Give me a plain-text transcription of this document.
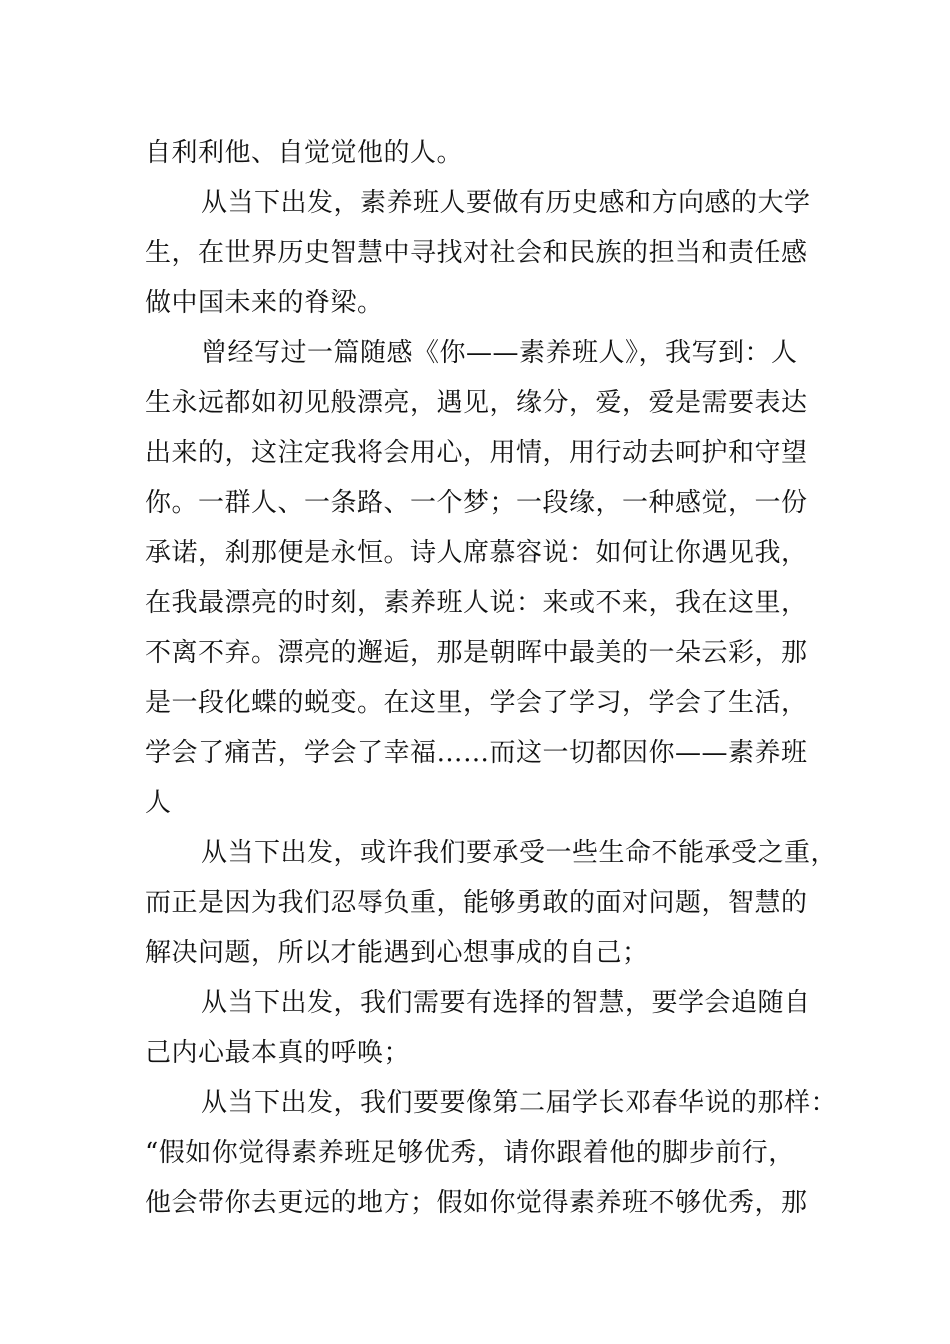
自利利他、自觉觉他的人。
从当下出发，素养班人要做有历史感和方向感的大学
生，在世界历史智慧中寻找对社会和民族的担当和责任感
做中国未来的脊梁。
曾经写过一篇随感《你——素养班人》，我写到：人
生永远都如初见般漂亮，遇见，缘分，爱，爱是需要表达
出来的，这注定我将会用心，用情，用行动去呵护和守望
你。一群人、一条路、一个梦；一段缘，一种感觉，一份
承诺，刹那便是永恒。诗人席慕容说：如何让你遇见我，
在我最漂亮的时刻，素养班人说：来或不来，我在这里，
不离不弃。漂亮的邂逅，那是朝晖中最美的一朵云彩，那
是一段化蝶的蜕变。在这里，学会了学习，学会了生活，
学会了痛苦，学会了幸福……而这一切都因你——素养班
人
从当下出发，或许我们要承受一些生命不能承受之重，
而正是因为我们忍辱负重，能够勇敢的面对问题，智慧的
解决问题，所以才能遇到心想事成的自己；
从当下出发，我们需要有选择的智慧，要学会追随自
己内心最本真的呼唤；
从当下出发，我们要要像第二届学长邓春华说的那样：
“假如你觉得素养班足够优秀，请你跟着他的脚步前行，
他会带你去更远的地方；假如你觉得素养班不够优秀，那
